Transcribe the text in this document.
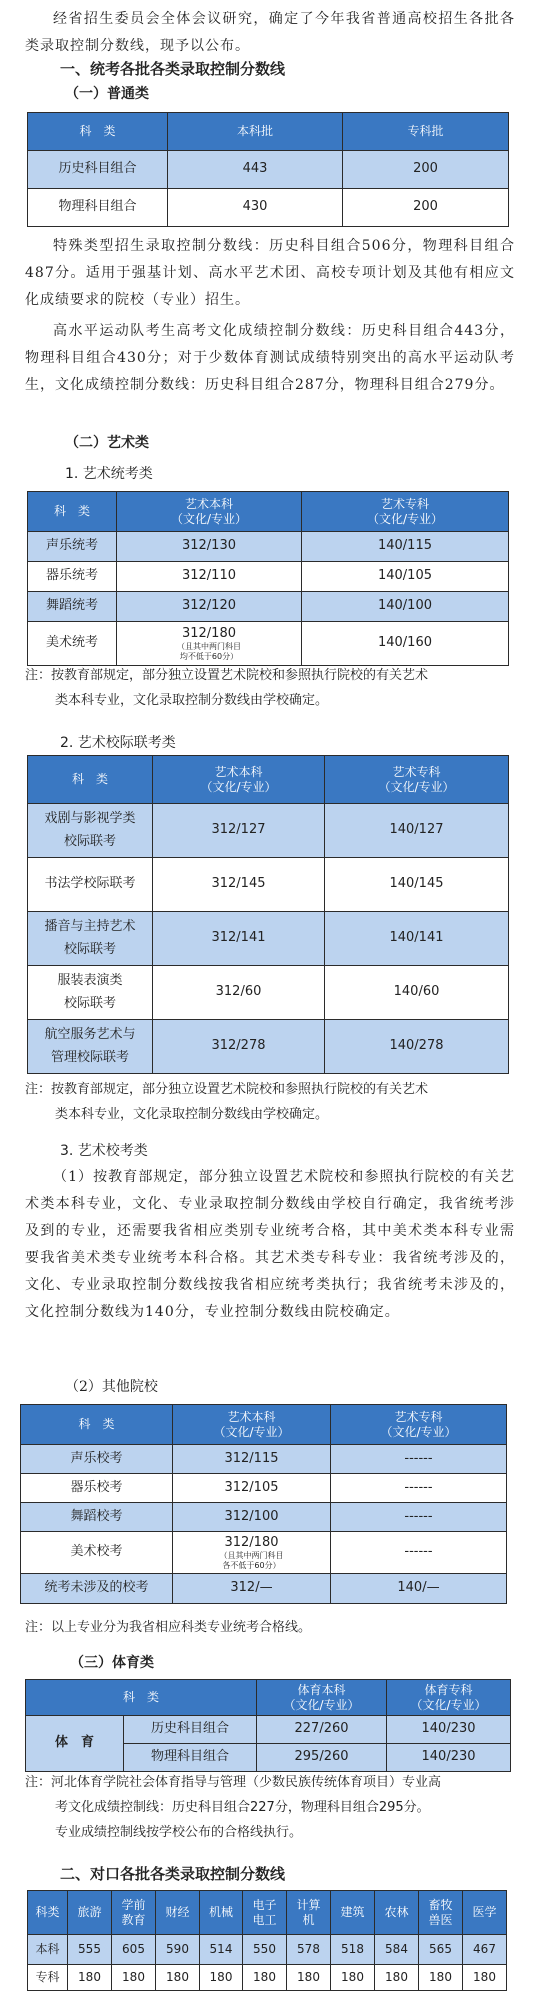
经省招生委员会全体会议研究，确定了今年我省普通高校招生各批各类录取控制分数线，现予以公布。

一、统考各批各类录取控制分数线
（一）普通类
科　类	本科批	专科批
历史科目组合	443	200
物理科目组合	430	200

特殊类型招生录取控制分数线：历史科目组合506分，物理科目组合487分。适用于强基计划、高水平艺术团、高校专项计划及其他有相应文化成绩要求的院校（专业）招生。

高水平运动队考生高考文化成绩控制分数线：历史科目组合443分，物理科目组合430分；对于少数体育测试成绩特别突出的高水平运动队考生，文化成绩控制分数线：历史科目组合287分，物理科目组合279分。

（二）艺术类
1. 艺术统考类
科　类	艺术本科
（文化/专业）	艺术专科
（文化/专业）
声乐统考	312/130	140/115
器乐统考	312/110	140/105
舞蹈统考	312/120	140/100
美术统考	312/180
（且其中两门科目
均不低于60分）	140/160
注：按教育部规定，部分独立设置艺术院校和参照执行院校的有关艺术
类本科专业，文化录取控制分数线由学校确定。
2. 艺术校际联考类
科　类	艺术本科
（文化/专业）	艺术专科
（文化/专业）
戏剧与影视学类
校际联考	312/127	140/127
书法学校际联考	312/145	140/145
播音与主持艺术
校际联考	312/141	140/141
服装表演类
校际联考	312/60	140/60
航空服务艺术与
管理校际联考	312/278	140/278
注：按教育部规定，部分独立设置艺术院校和参照执行院校的有关艺术
类本科专业，文化录取控制分数线由学校确定。
3. 艺术校考类

（1）按教育部规定，部分独立设置艺术院校和参照执行院校的有关艺术类本科专业，文化、专业录取控制分数线由学校自行确定，我省统考涉及到的专业，还需要我省相应类别专业统考合格，其中美术类本科专业需要我省美术类专业统考本科合格。其艺术类专科专业：我省统考涉及的，文化、专业录取控制分数线按我省相应统考类执行；我省统考未涉及的，文化控制分数线为140分，专业控制分数线由院校确定。

（2）其他院校
科　类	艺术本科
（文化/专业）	艺术专科
（文化/专业）
声乐校考	312/115	------
器乐校考	312/105	------
舞蹈校考	312/100	------
美术校考	312/180
（且其中两门科目
各不低于60分）	------
统考未涉及的校考	312/—	140/—
注：以上专业分为我省相应科类专业统考合格线。
（三）体育类
科　类		体育本科
（文化/专业）	体育专科
（文化/专业）
体　育	历史科目组合	227/260	140/230
	物理科目组合	295/260	140/230
注：河北体育学院社会体育指导与管理（少数民族传统体育项目）专业高
考文化成绩控制线：历史科目组合227分，物理科目组合295分。
专业成绩控制线按学校公布的合格线执行。
二、对口各批各类录取控制分数线
科类	旅游	学前
教育	财经	机械	电子
电工	计算
机	建筑	农林	畜牧
兽医	医学
本科	555	605	590	514	550	578	518	584	565	467
专科	180	180	180	180	180	180	180	180	180	180
